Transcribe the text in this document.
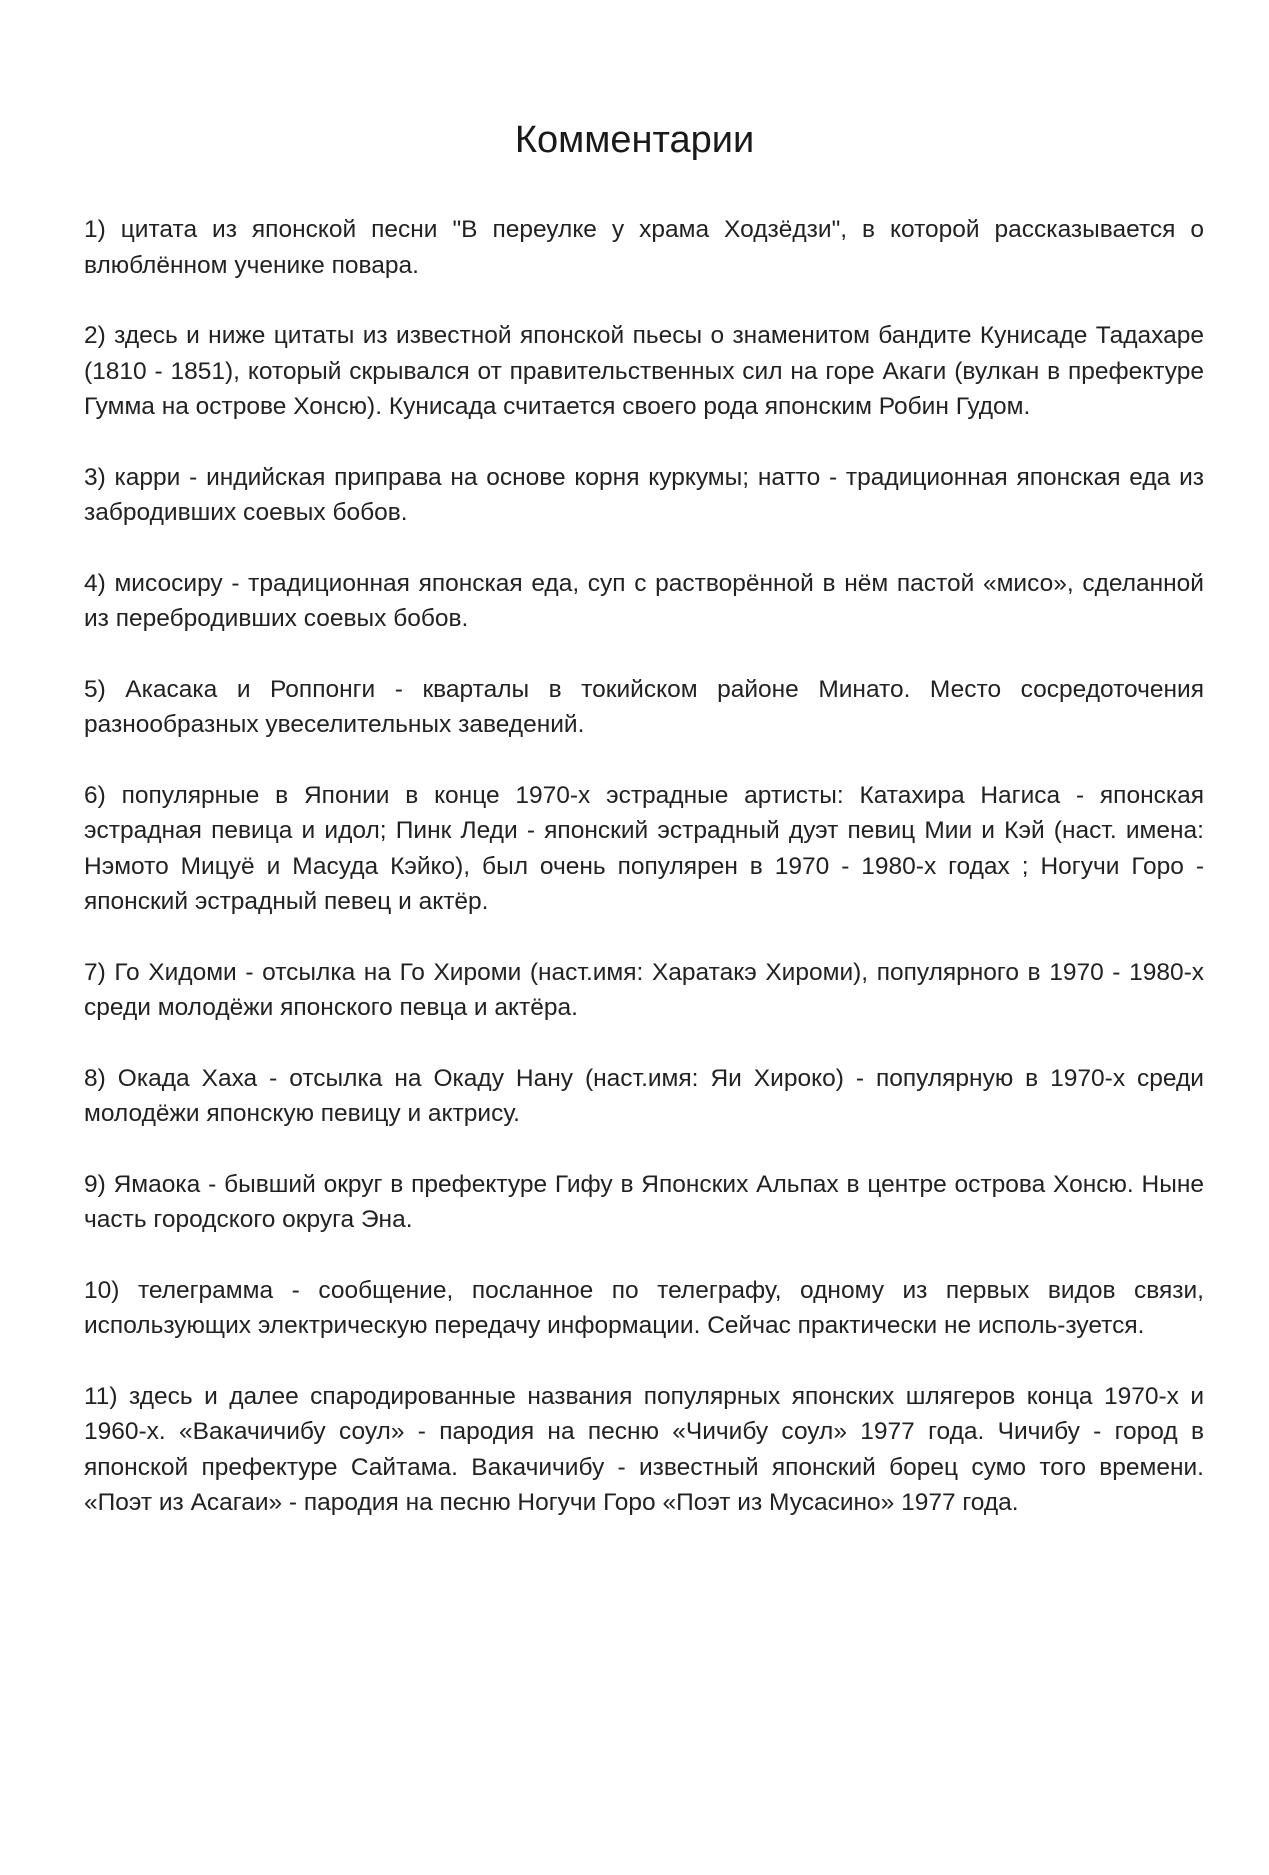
Комментарии
1) цитата из японской песни "В переулке у храма Ходзёдзи", в которой рассказывается о влюблённом ученике повара.
2) здесь и ниже цитаты из известной японской пьесы о знаменитом бандите Кунисаде Тадахаре (1810 - 1851), который скрывался от правительственных сил на горе Акаги (вулкан в префектуре Гумма на острове Хонсю). Кунисада считается своего рода японским Робин Гудом.
3) карри - индийская приправа на основе корня куркумы; натто - традиционная японская еда из забродивших соевых бобов.
4) мисосиру - традиционная японская еда, суп с растворённой в нём пастой «мисо», сделанной из перебродивших соевых бобов.
5) Акасака и Роппонги - кварталы в токийском районе Минато. Место сосредоточения разнообразных увеселительных заведений.
6) популярные в Японии в конце 1970-х эстрадные артисты: Катахира Нагиса - японская эстрадная певица и идол; Пинк Леди - японский эстрадный дуэт певиц Мии и Кэй (наст. имена: Нэмото Мицуё и Масуда Кэйко), был очень популярен в 1970 - 1980-х годах ; Ногучи Горо - японский эстрадный певец и актёр.
7) Го Хидоми - отсылка на Го Хироми (наст.имя: Харатакэ Хироми), популярного в 1970 - 1980-х среди молодёжи японского певца и актёра.
8) Окада Хаха - отсылка на Окаду Нану (наст.имя: Яи Хироко) - популярную в 1970-х среди молодёжи японскую певицу и актрису.
9) Ямаока - бывший округ в префектуре Гифу в Японских Альпах в центре острова Хонсю. Ныне часть городского округа Эна.
10) телеграмма - сообщение, посланное по телеграфу, одному из первых видов связи, использующих электрическую передачу информации. Сейчас практически не исполь-зуется.
11) здесь и далее спародированные названия популярных японских шлягеров конца 1970-х и 1960-х. «Вакачичибу соул» - пародия на песню «Чичибу соул» 1977 года. Чичибу - город в японской префектуре Сайтама. Вакачичибу - известный японский борец сумо того времени. «Поэт из Асагаи» - пародия на песню Ногучи Горо «Поэт из Мусасино» 1977 года.
